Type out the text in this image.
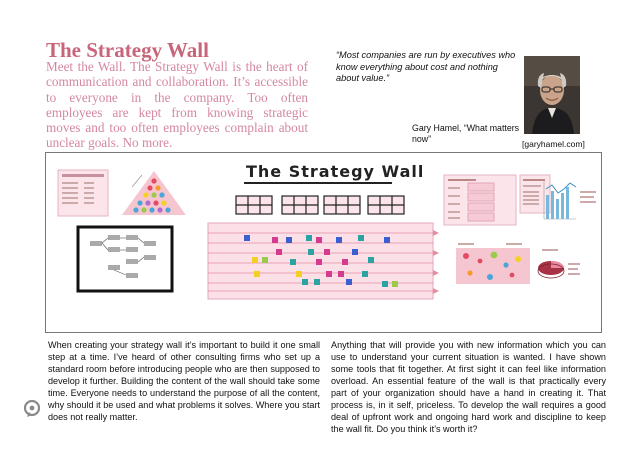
The Strategy Wall

Meet the Wall. The Strategy Wall is the heart of communication and collaboration. It’s accessible to everyone in the company. Too often employees are kept from knowing strategic moves and too often employees complain about unclear goals. No more.

“Most companies are run by executives who know everything about cost and nothing about value.”

Gary Hamel, “What matters now”

[garyhamel.com]
The Strategy Wall

When creating your strategy wall it’s important to build it one small step at a time. I’ve heard of other consulting firms who set up a standard room before introducing people who are then supposed to develop it further. Building the content of the wall should take some time. Everyone needs to understand the purpose of all the content, why should it be used and what problems it solves. Where you start does not really matter.

Anything that will provide you with new information which you can use to understand your current situation is wanted. I have shown some tools that fit together. At first sight it can feel like information overload. An essential feature of the wall is that practically every part of your organization should have a hand in creating it. That process is, in it self, priceless. To develop the wall requires a good deal of upfront work and ongoing hard work and discipline to keep the wall fit. Do you think it’s worth it?
